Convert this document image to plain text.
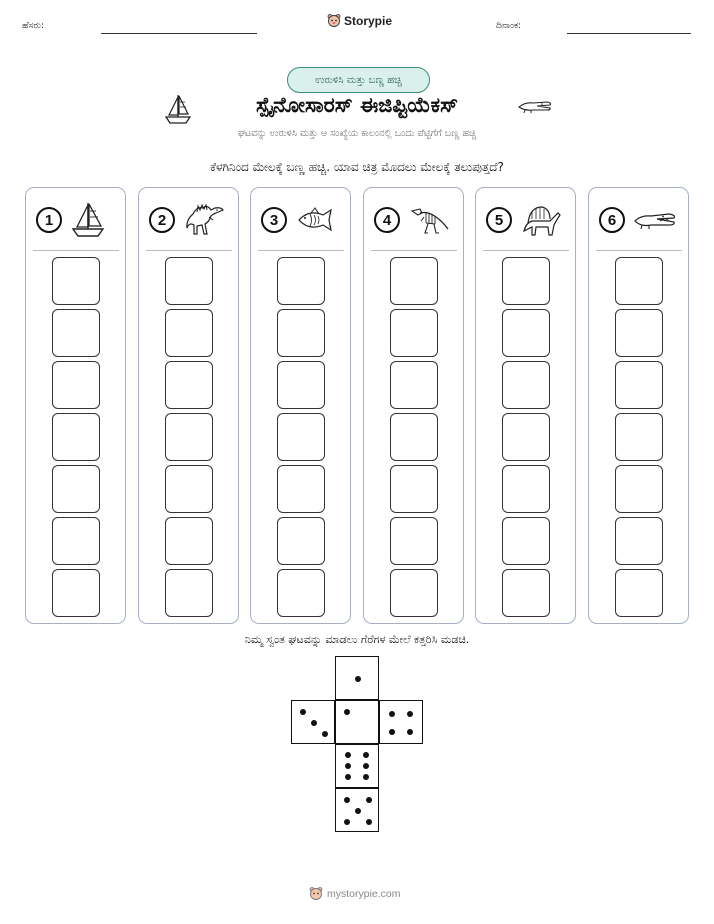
ಹೆಸರು:	Storypie	ದಿನಾಂಕ:
ಉರುಳಿಸಿ ಮತ್ತು ಬಣ್ಣ ಹಚ್ಚಿ
ಸ್ಪೈನೋಸಾರಸ್ ಈಜಿಪ್ಟಿಯೆಕಸ್
ಘಟವನ್ನು ಉರುಳಿಸಿ ಮತ್ತು ಆ ಸಂಖ್ಯೆಯ ಕಾಲಂನಲ್ಲಿ ಒಂದು ಪೆಟ್ಟಿಗೆಗೆ ಬಣ್ಣ ಹಚ್ಚಿ
ಕೆಳಗಿನಿಂದ ಮೇಲಕ್ಕೆ ಬಣ್ಣ ಹಚ್ಚಿ. ಯಾವ ಚಿತ್ರ ಮೊದಲು ಮೇಲಕ್ಕೆ ತಲುಪುತ್ತದೆ?
1	2	3	4	5	6
ನಿಮ್ಮ ಸ್ವಂತ ಘಟವನ್ನು ಮಾಡಲು ಗೆರೆಗಳ ಮೇಲೆ ಕತ್ತರಿಸಿ ಮಡಚಿ.
mystorypie.com
